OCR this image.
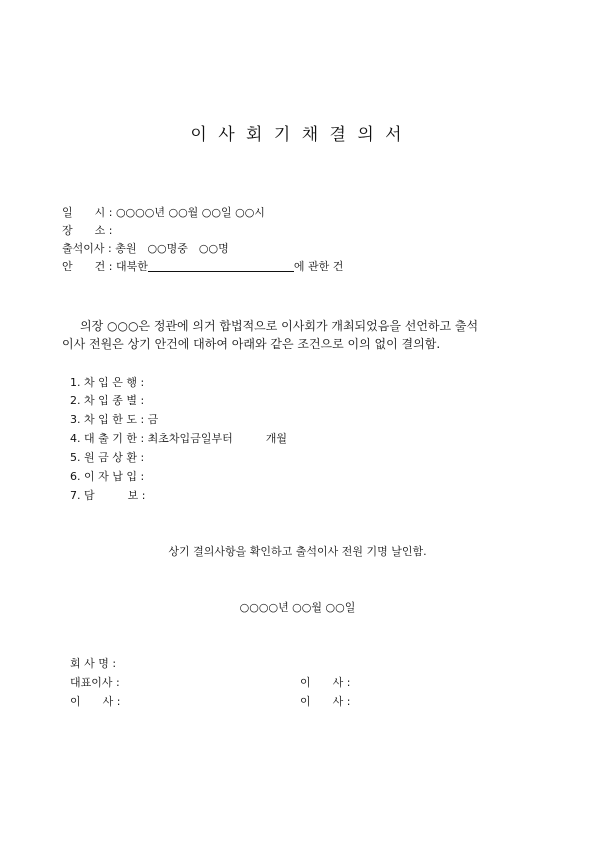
이 사 회 기 채 결 의 서
일　　시 : ○○○○년 ○○월 ○○일 ○○시
장　　소 :
출석이사 : 총원　○○명중　○○명
안　　건 : 대북한	에 관한 건
의장 ○○○은 정관에 의거 합법적으로 이사회가 개최되었음을 선언하고 출석
이사 전원은 상기 안건에 대하여 아래와 같은 조건으로 이의 없이 결의함.
1. 차 입 은 행 :
2. 차 입 종 별 :
3. 차 입 한 도 : 금
4. 대 출 기 한 : 최초차입금일부터　　　개월
5. 원 금 상 환 :
6. 이 자 납 입 :
7. 담　　　보 :
상기 결의사항을 확인하고 출석이사 전원 기명 날인함.
○○○○년 ○○월 ○○일
회 사 명 :
대표이사 :
이　　사 :
이　　사 :
이　　사 :
